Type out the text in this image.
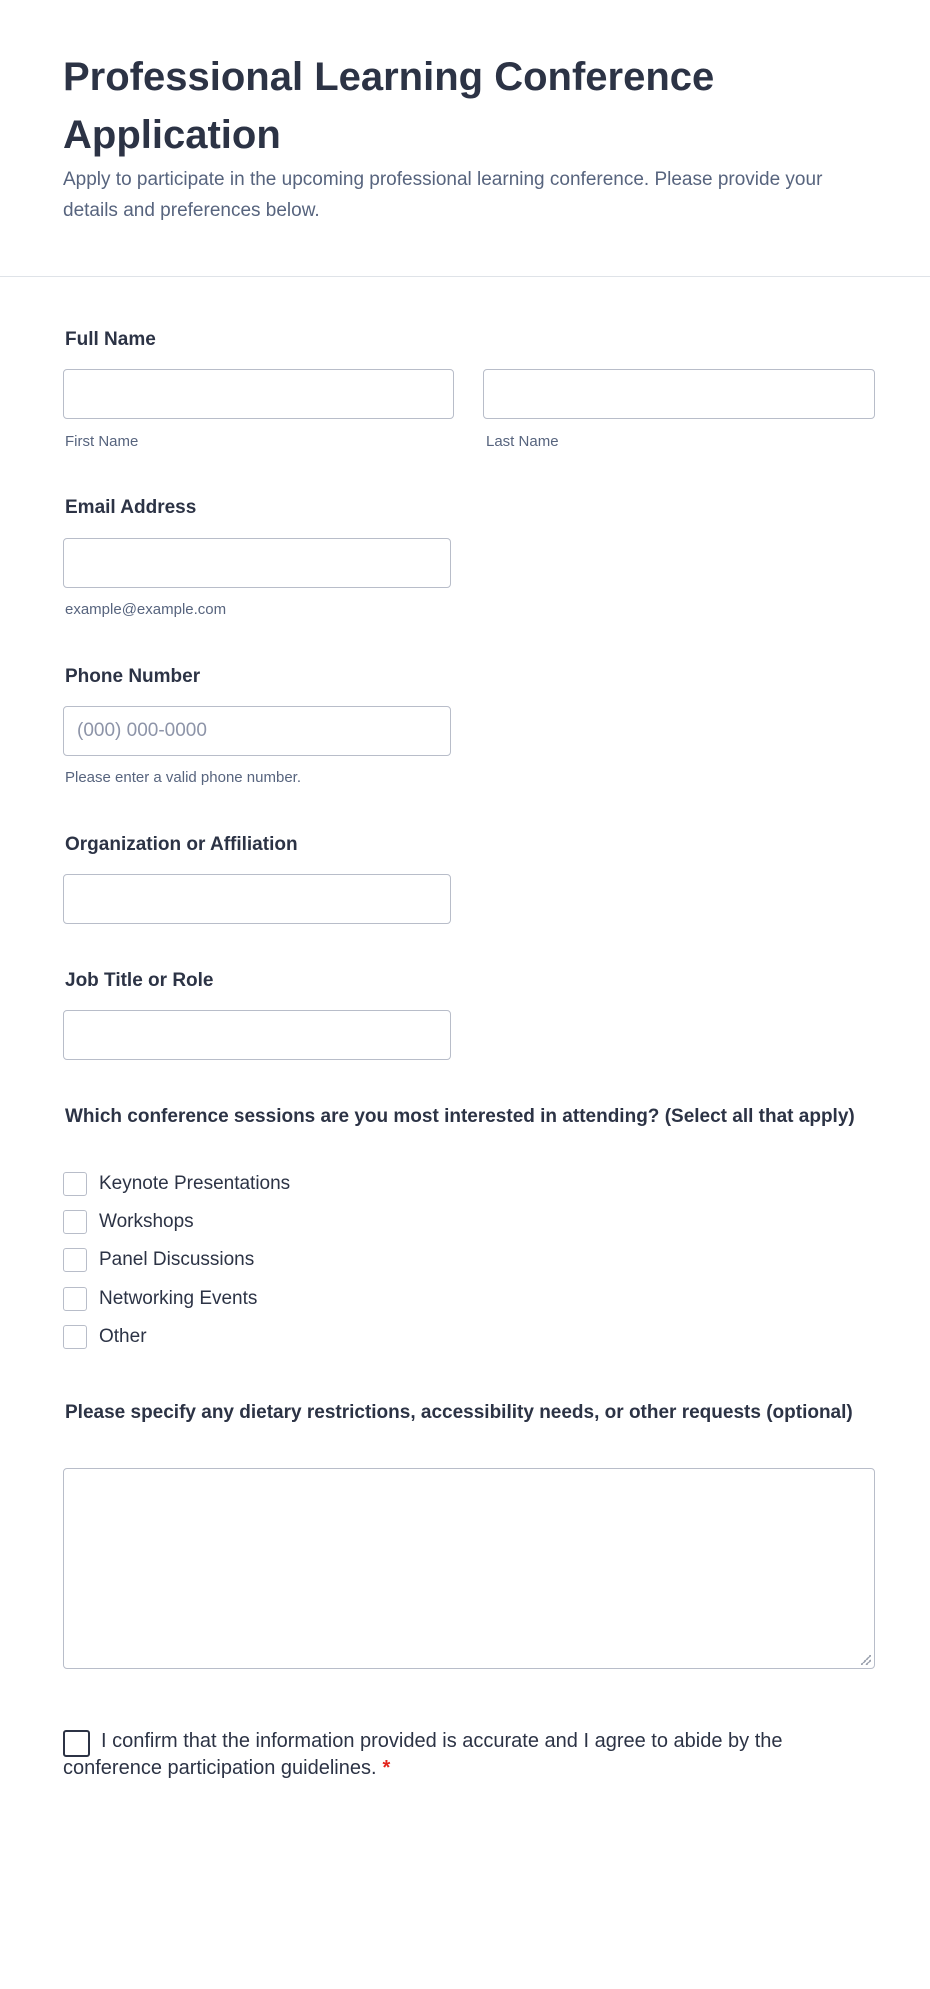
Professional Learning Conference Application

Apply to participate in the upcoming professional learning conference. Please provide your details and preferences below.

Full Name
First Name	Last Name
Email Address
example@example.com
Phone Number
(000) 000-0000
Please enter a valid phone number.
Organization or Affiliation
Job Title or Role
Which conference sessions are you most interested in attending? (Select all that apply)
Keynote Presentations
Workshops
Panel Discussions
Networking Events
Other
Please specify any dietary restrictions, accessibility needs, or other requests (optional)

I confirm that the information provided is accurate and I agree to abide by the conference participation guidelines. *
